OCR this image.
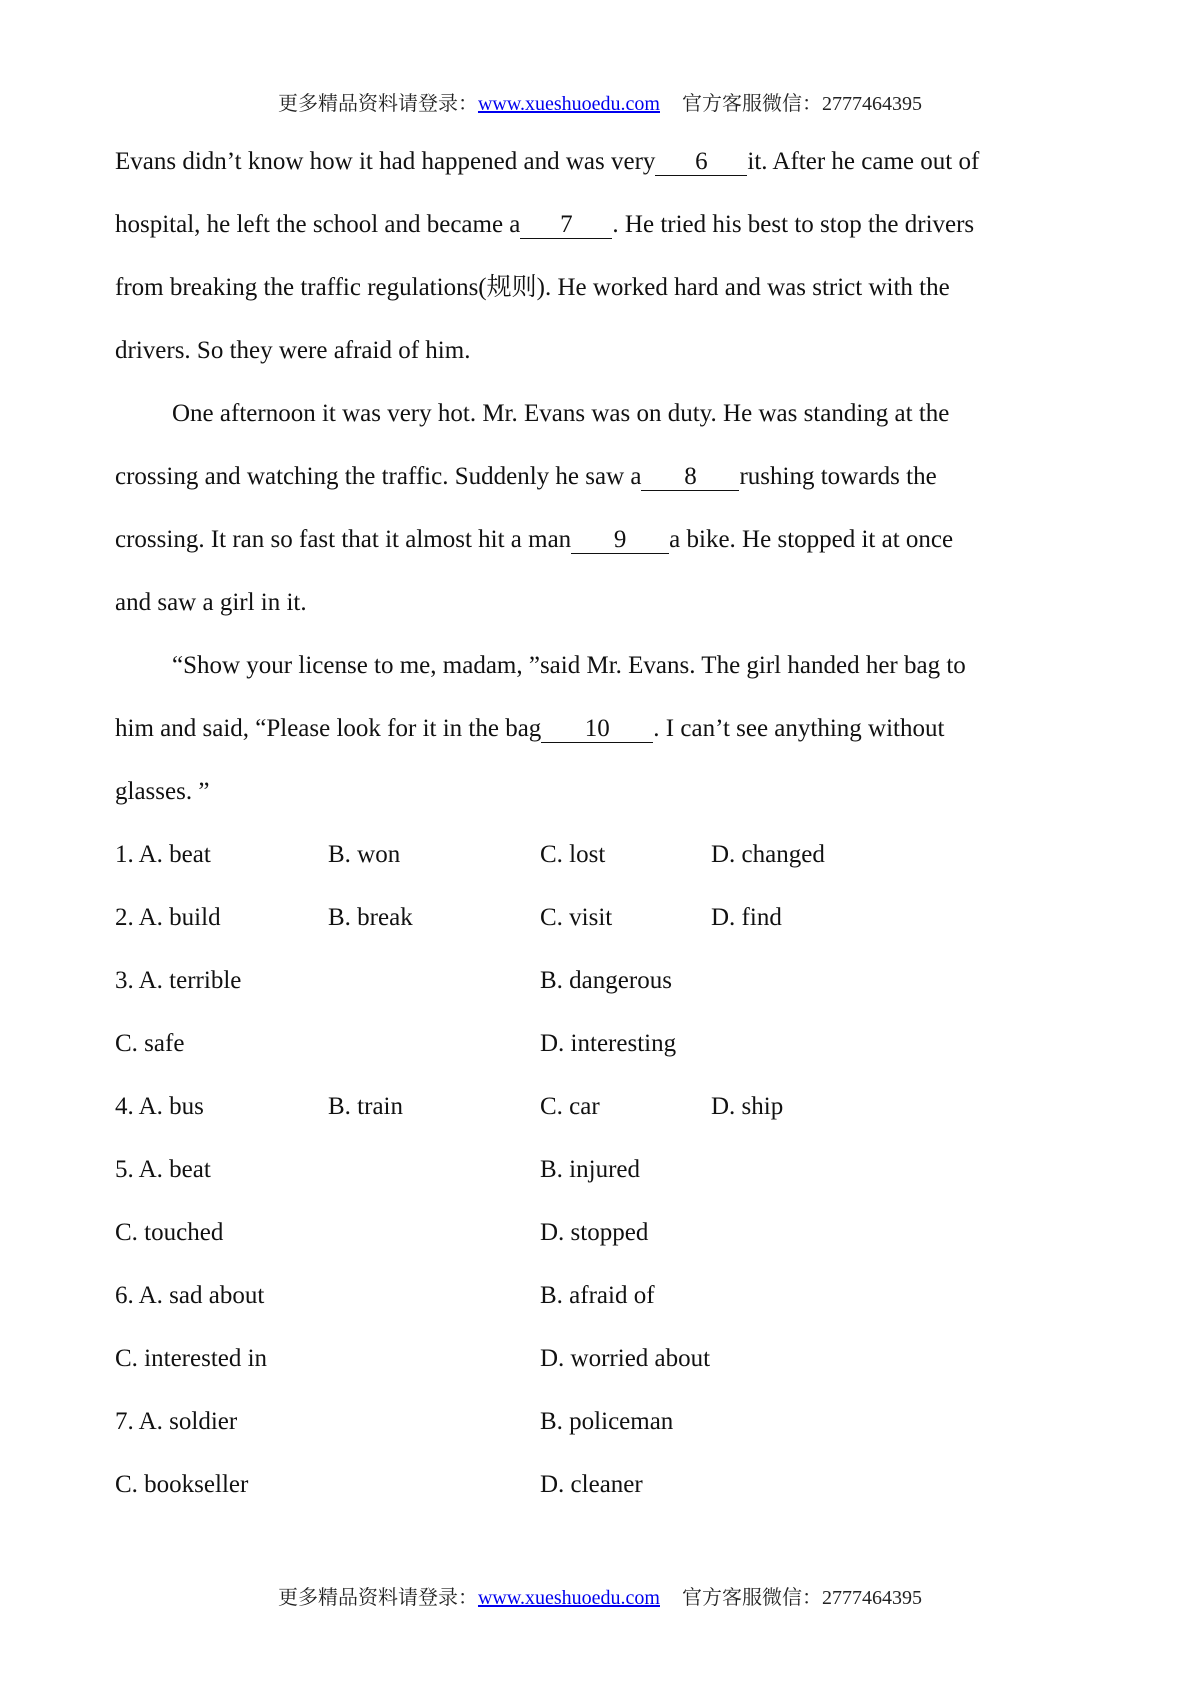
更多精品资料请登录：www.xueshuoedu.com 官方客服微信：2777464395
Evans didn’t know how it had happened and was very 6 it. After he came out of
hospital, he left the school and became a 7 . He tried his best to stop the drivers
from breaking the traffic regulations(规则). He worked hard and was strict with the
drivers. So they were afraid of him.
One afternoon it was very hot. Mr. Evans was on duty. He was standing at the
crossing and watching the traffic. Suddenly he saw a 8 rushing towards the
crossing. It ran so fast that it almost hit a man 9 a bike. He stopped it at once
and saw a girl in it.
“Show your license to me, madam, ”said Mr. Evans. The girl handed her bag to
him and said, “Please look for it in the bag 10 . I can’t see anything without
glasses. ”
1. A. beat	B. won	C. lost	D. changed
2. A. build	B. break	C. visit	D. find
3. A. terrible	B. dangerous
C. safe	D. interesting
4. A. bus	B. train	C. car	D. ship
5. A. beat	B. injured
C. touched	D. stopped
6. A. sad about	B. afraid of
C. interested in	D. worried about
7. A. soldier	B. policeman
C. bookseller	D. cleaner
更多精品资料请登录：www.xueshuoedu.com 官方客服微信：2777464395
